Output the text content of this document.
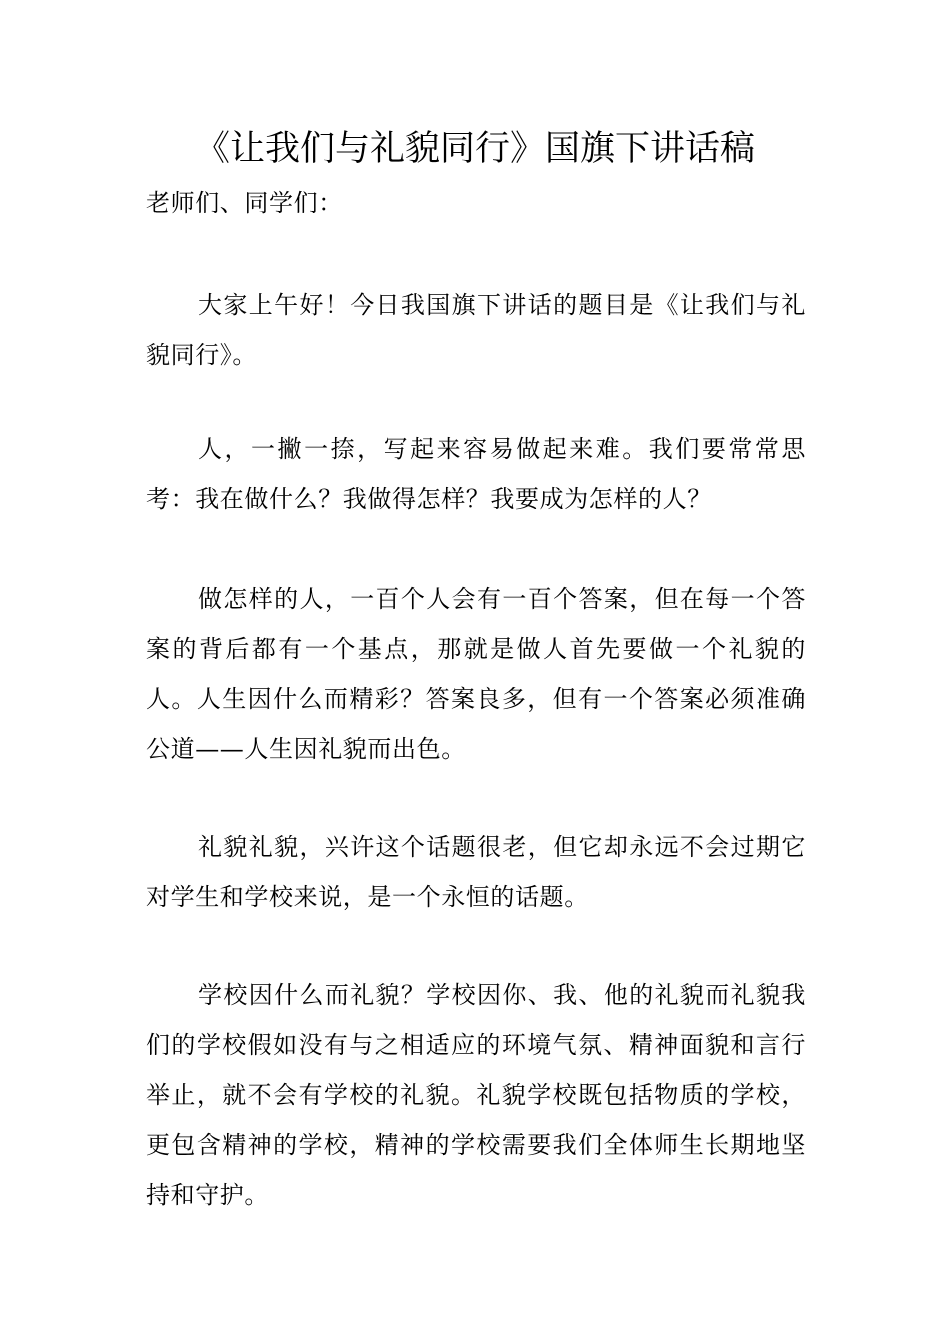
《让我们与礼貌同行》国旗下讲话稿
老师们、同学们：
大家上午好！今日我国旗下讲话的题目是《让我们与礼貌同行》。
人，一撇一捺，写起来容易做起来难。我们要常常思考：我在做什么？我做得怎样？我要成为怎样的人？
做怎样的人，一百个人会有一百个答案，但在每一个答案的背后都有一个基点，那就是做人首先要做一个礼貌的人。人生因什么而精彩？答案良多，但有一个答案必须准确公道——人生因礼貌而出色。
礼貌礼貌，兴许这个话题很老，但它却永远不会过期它对学生和学校来说，是一个永恒的话题。
学校因什么而礼貌？学校因你、我、他的礼貌而礼貌我们的学校假如没有与之相适应的环境气氛、精神面貌和言行举止，就不会有学校的礼貌。礼貌学校既包括物质的学校，更包含精神的学校，精神的学校需要我们全体师生长期地坚持和守护。
